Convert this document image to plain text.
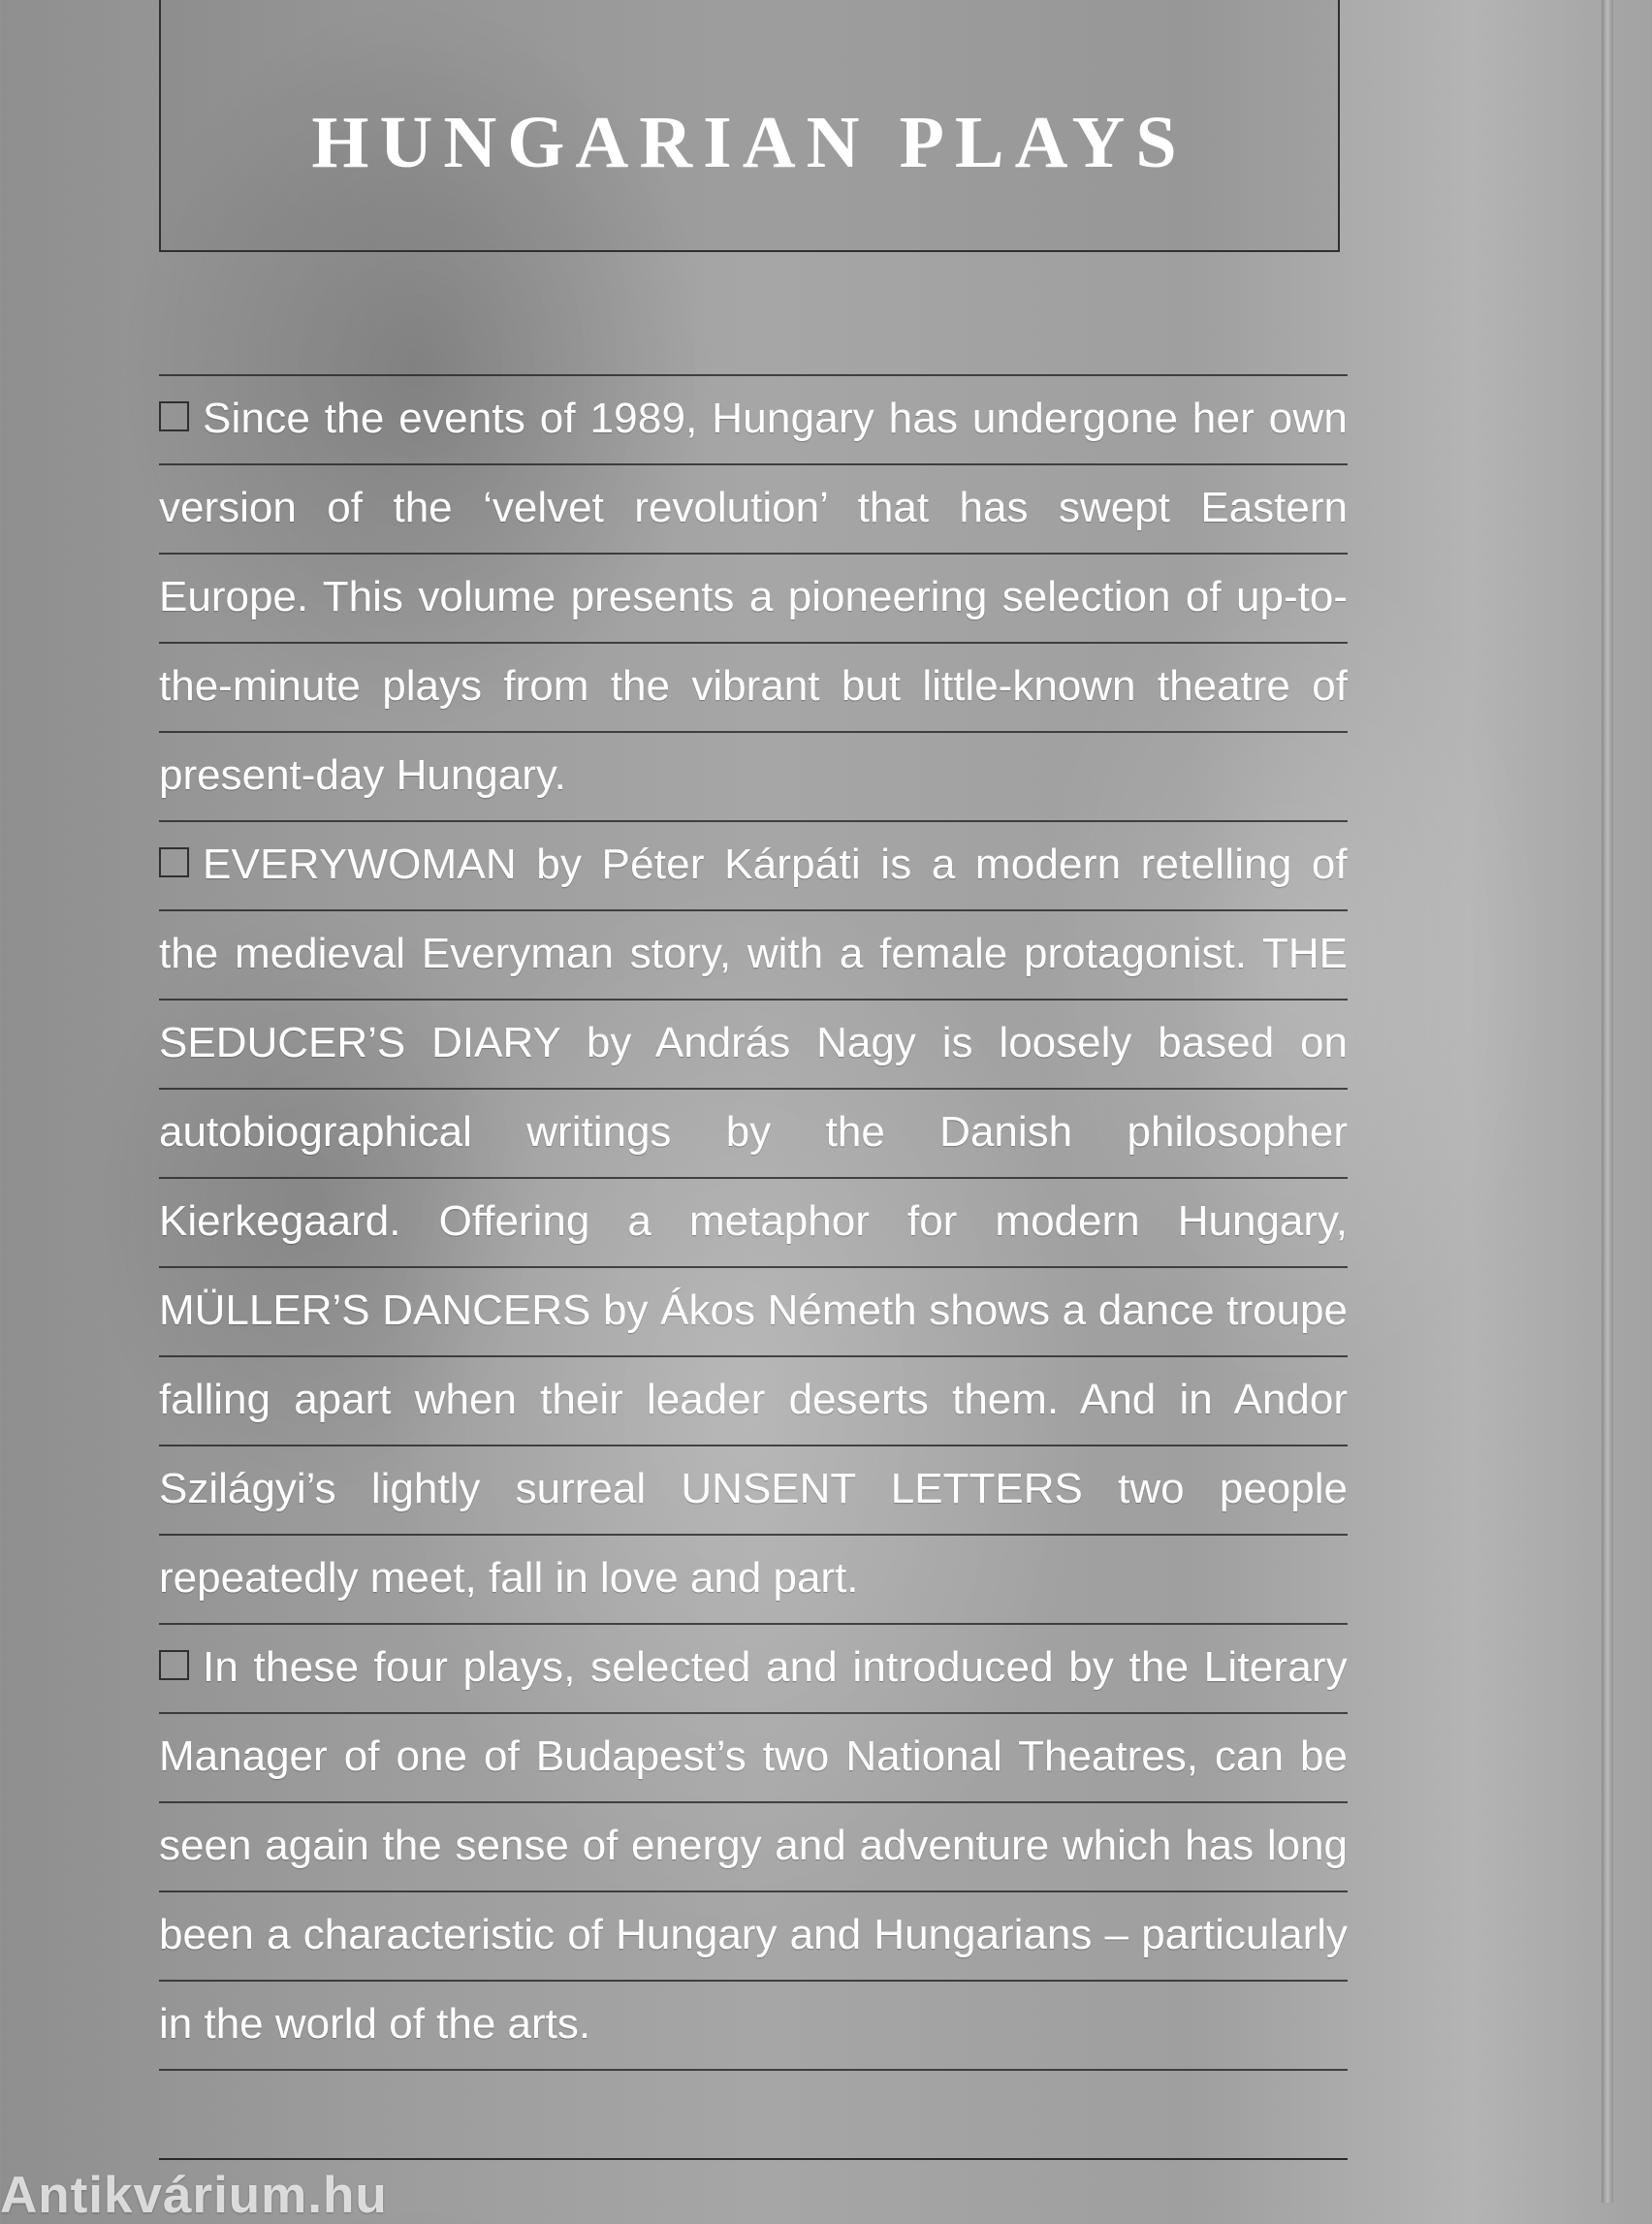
HUNGARIAN PLAYS

Since the events of 1989, Hungary has undergone her own version of the ‘velvet revolution’ that has swept Eastern Europe. This volume presents a pioneering selection of up-to-the-minute plays from the vibrant but little-known theatre of present-day Hungary.

EVERYWOMAN by Péter Kárpáti is a modern retelling of the medieval Everyman story, with a female protagonist. THE SEDUCER’S DIARY by András Nagy is loosely based on autobiographical writings by the Danish philosopher Kierkegaard. Offering a metaphor for modern Hungary, MÜLLER’S DANCERS by Ákos Németh shows a dance troupe falling apart when their leader deserts them. And in Andor Szilágyi’s lightly surreal UNSENT LETTERS two people repeatedly meet, fall in love and part.

In these four plays, selected and introduced by the Literary Manager of one of Budapest’s two National Theatres, can be seen again the sense of energy and adventure which has long been a characteristic of Hungary and Hungarians – particularly in the world of the arts.

Antikvárium.hu
